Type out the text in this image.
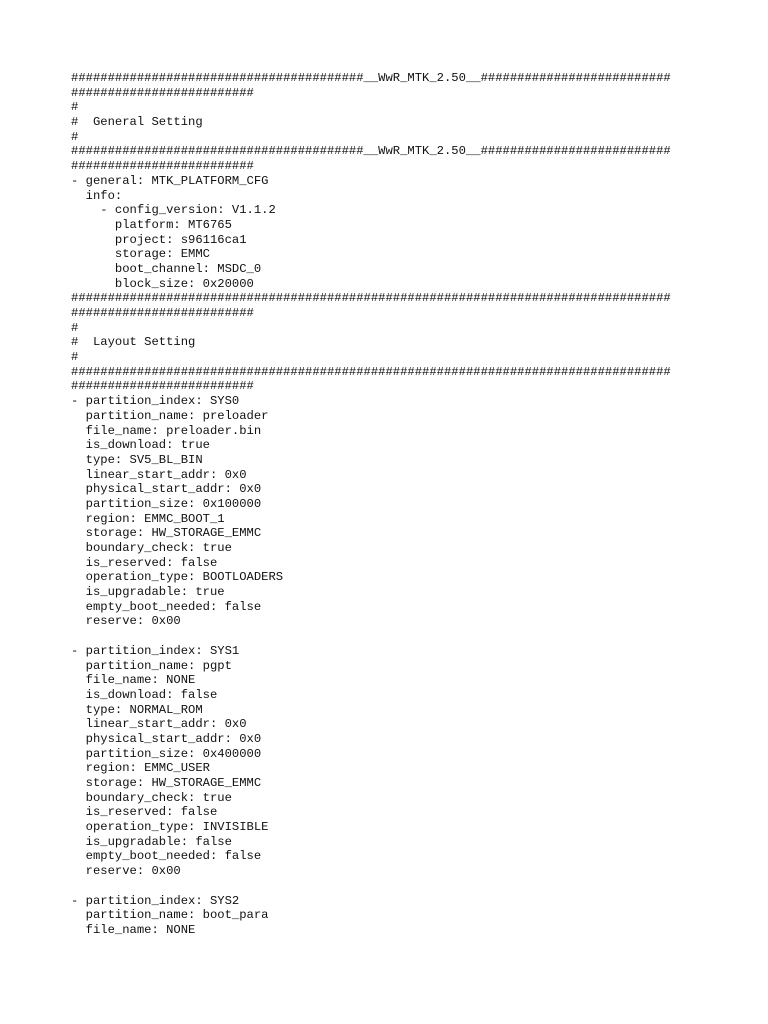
########################################__WwR_MTK_2.50__##########################
#########################
#
#  General Setting
#
########################################__WwR_MTK_2.50__##########################
#########################
- general: MTK_PLATFORM_CFG
info:
- config_version: V1.1.2
platform: MT6765
project: s96116ca1
storage: EMMC
boot_channel: MSDC_0
block_size: 0x20000
##################################################################################
#########################
#
#  Layout Setting
#
##################################################################################
#########################
- partition_index: SYS0
partition_name: preloader
file_name: preloader.bin
is_download: true
type: SV5_BL_BIN
linear_start_addr: 0x0
physical_start_addr: 0x0
partition_size: 0x100000
region: EMMC_BOOT_1
storage: HW_STORAGE_EMMC
boundary_check: true
is_reserved: false
operation_type: BOOTLOADERS
is_upgradable: true
empty_boot_needed: false
reserve: 0x00
- partition_index: SYS1
partition_name: pgpt
file_name: NONE
is_download: false
type: NORMAL_ROM
linear_start_addr: 0x0
physical_start_addr: 0x0
partition_size: 0x400000
region: EMMC_USER
storage: HW_STORAGE_EMMC
boundary_check: true
is_reserved: false
operation_type: INVISIBLE
is_upgradable: false
empty_boot_needed: false
reserve: 0x00
- partition_index: SYS2
partition_name: boot_para
file_name: NONE
